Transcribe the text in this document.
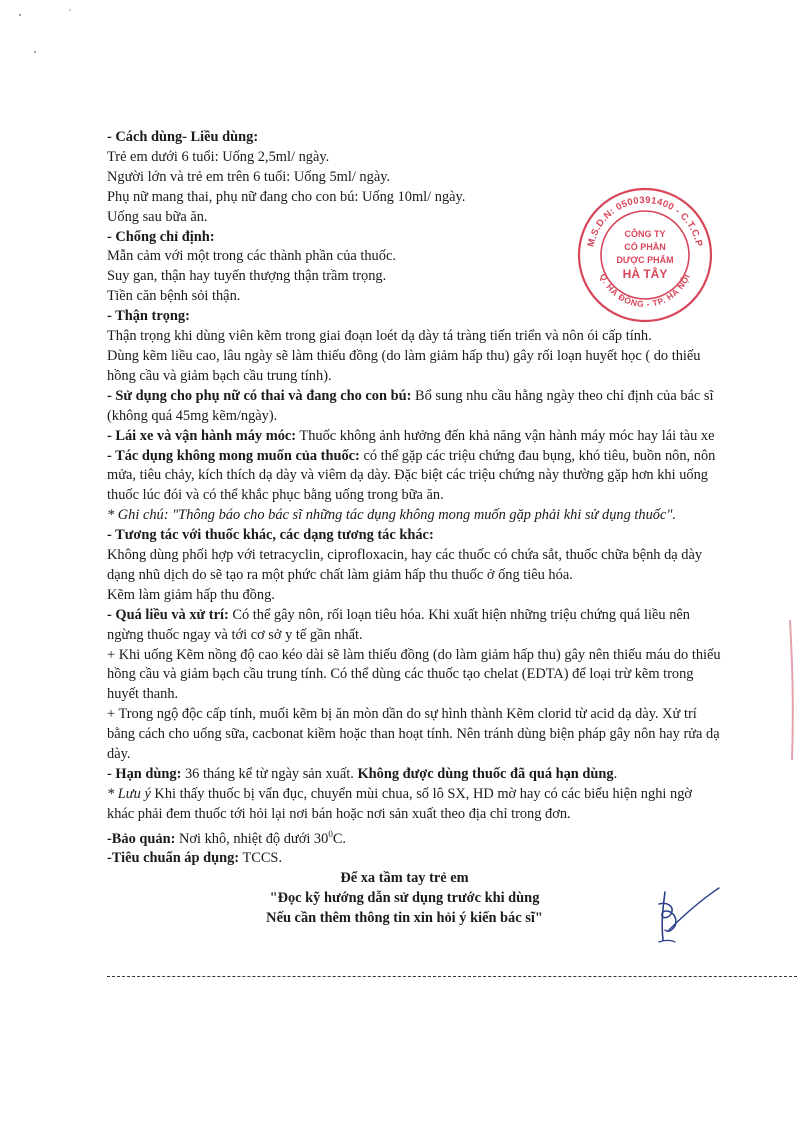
- Cách dùng- Liều dùng:

Trẻ em dưới 6 tuổi: Uống 2,5ml/ ngày.

Người lớn và trẻ em trên 6 tuổi: Uống 5ml/ ngày.

Phụ nữ mang thai, phụ nữ đang cho con bú: Uống 10ml/ ngày.

Uống sau bữa ăn.

- Chống chỉ định:

Mẫn cảm với một trong các thành phần của thuốc.

Suy gan, thận hay tuyến thượng thận trầm trọng.

Tiền căn bệnh sỏi thận.

- Thận trọng:

Thận trọng khi dùng viên kẽm trong giai đoạn loét dạ dày tá tràng tiến triển và nôn ói cấp tính.

Dùng kẽm liều cao, lâu ngày sẽ làm thiếu đồng (do làm giảm hấp thu) gây rối loạn huyết học ( do thiếu hồng cầu và giảm bạch cầu trung tính).

- Sử dụng cho phụ nữ có thai và đang cho con bú: Bổ sung nhu cầu hằng ngày theo chỉ định của bác sĩ (không quá 45mg kẽm/ngày).

- Lái xe và vận hành máy móc: Thuốc không ảnh hưởng đến khả năng vận hành máy móc hay lái tàu xe

- Tác dụng không mong muốn của thuốc: có thể gặp các triệu chứng đau bụng, khó tiêu, buồn nôn, nôn mửa, tiêu chảy, kích thích dạ dày và viêm dạ dày. Đặc biệt các triệu chứng này thường gặp hơn khi uống thuốc lúc đói và có thể khắc phục bằng uống trong bữa ăn.

* Ghi chú: "Thông báo cho bác sĩ những tác dụng không mong muốn gặp phải khi sử dụng thuốc".

- Tương tác với thuốc khác, các dạng tương tác khác:

Không dùng phối hợp với tetracyclin, ciprofloxacin, hay các thuốc có chứa sắt, thuốc chữa bệnh dạ dày dạng nhũ dịch do sẽ tạo ra một phức chất làm giảm hấp thu thuốc ở ống tiêu hóa.

Kẽm làm giảm hấp thu đồng.

- Quá liều và xử trí: Có thể gây nôn, rối loạn tiêu hóa. Khi xuất hiện những triệu chứng quá liều nên ngừng thuốc ngay và tới cơ sở y tế gần nhất.

+ Khi uống Kẽm nồng độ cao kéo dài sẽ làm thiếu đồng (do làm giảm hấp thu) gây nên thiếu máu do thiếu hồng cầu và giảm bạch cầu trung tính. Có thể dùng các thuốc tạo chelat (EDTA) để loại trừ kẽm trong huyết thanh.

+ Trong ngộ độc cấp tính, muối kẽm bị ăn mòn dần do sự hình thành Kẽm clorid từ acid dạ dày. Xử trí bằng cách cho uống sữa, cacbonat kiềm hoặc than hoạt tính. Nên tránh dùng biện pháp gây nôn hay rửa dạ dày.

- Hạn dùng: 36 tháng kể từ ngày sản xuất. Không được dùng thuốc đã quá hạn dùng.

* Lưu ý Khi thấy thuốc bị vẩn đục, chuyển mùi chua, số lô SX, HD mờ hay có các biểu hiện nghi ngờ khác phải đem thuốc tới hỏi lại nơi bán hoặc nơi sản xuất theo địa chỉ trong đơn.

-Bảo quản: Nơi khô, nhiệt độ dưới $30^0C$.

-Tiêu chuẩn áp dụng: TCCS.

Để xa tầm tay trẻ em

"Đọc kỹ hướng dẫn sử dụng trước khi dùng

Nếu cần thêm thông tin xin hỏi ý kiến bác sĩ"

M.S.D.N: 0500391400 - C.T.C.P
Q. HÀ ĐÔNG - TP. HÀ NỘI
CÔNG TY
CỔ PHẦN
DƯỢC PHẨM
HÀ TÂY
